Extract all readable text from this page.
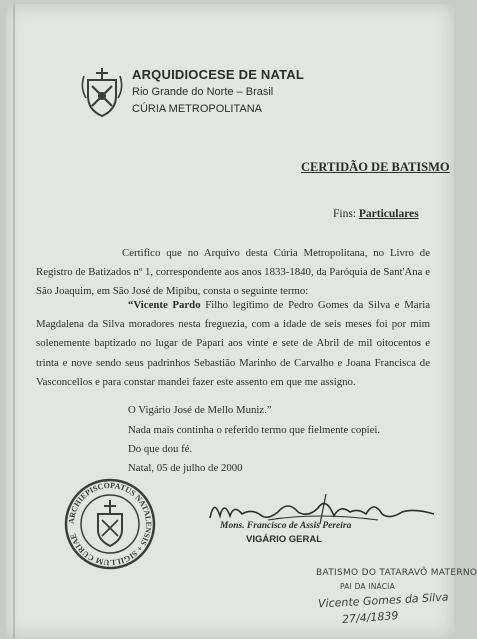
ARQUIDIOCESE DE NATAL
Rio Grande do Norte – Brasil
CÚRIA METROPOLITANA
CERTIDÃO DE BATISMO
Fins: Particulares
Certifico que no Arquivo desta Cúria Metropolitana, no Livro de Registro de Batizados nº 1, correspondente aos anos 1833-1840, da Paróquia de Sant'Ana e São Joaquim, em São José de Mipibu, consta o seguinte termo:
“Vicente Pardo Filho legítimo de Pedro Gomes da Silva e Maria Magdalena da Silva moradores nesta freguezia, com a idade de seis meses foi por mim solenemente baptizado no lugar de Papari aos vinte e sete de Abril de mil oitocentos e trinta e nove sendo seus padrinhos Sebastião Marinho de Carvalho e Joana Francisca de Vasconcellos e para constar mandei fazer este assento em que me assigno.
O Vigário José de Mello Muniz.”
Nada mais continha o referido termo que fielmente copiei.
Do que dou fé.
Natal, 05 de julho de 2000
ARCHIEPISCOPATUS NATALENSIS + SIGILLUM CURIAE
Mons. Francisco de Assis Pereira
VIGÁRIO GERAL
BATISMO DO TATARAVÔ MATERNO
PAI DA INÁCIA
Vicente Gomes da Silva
27/4/1839
